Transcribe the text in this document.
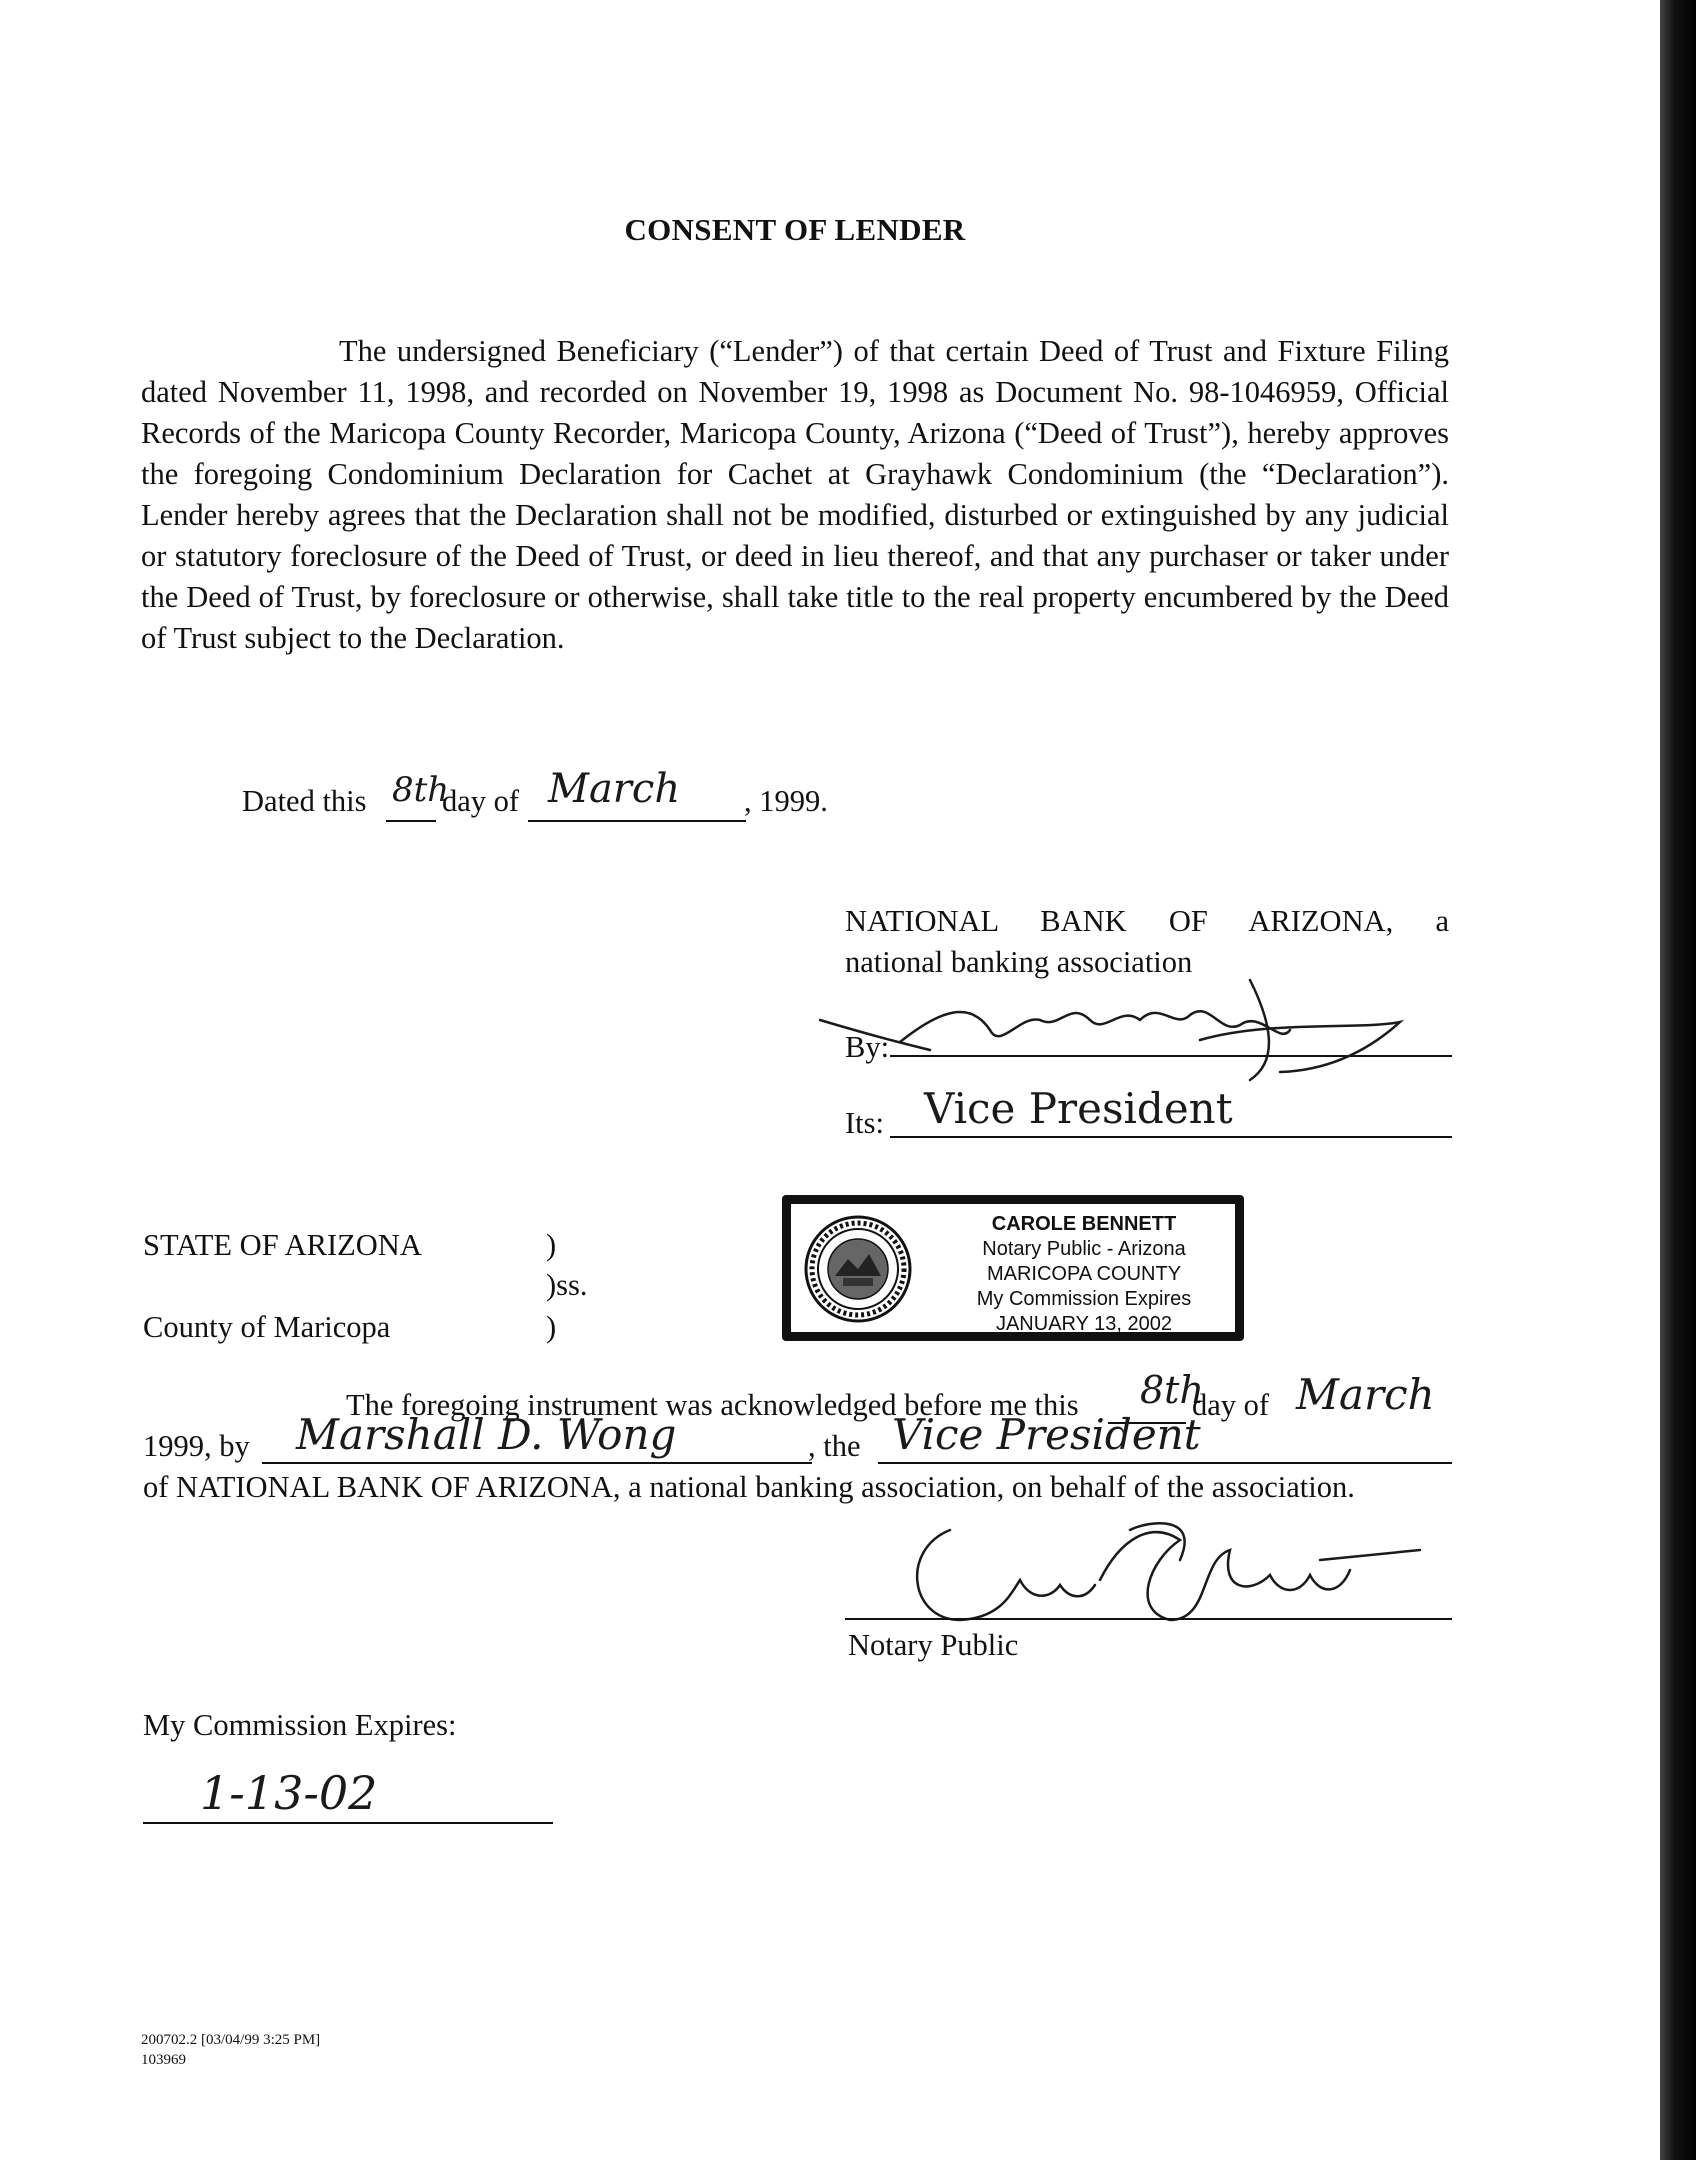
CONSENT OF LENDER
The undersigned Beneficiary (“Lender”) of that certain Deed of Trust and Fixture Filing dated November 11, 1998, and recorded on November 19, 1998 as Document No. 98-1046959, Official Records of the Maricopa County Recorder, Maricopa County, Arizona (“Deed of Trust”), hereby approves the foregoing Condominium Declaration for Cachet at Grayhawk Condominium (the “Declaration”). Lender hereby agrees that the Declaration shall not be modified, disturbed or extinguished by any judicial or statutory foreclosure of the Deed of Trust, or deed in lieu thereof, and that any purchaser or taker under the Deed of Trust, by foreclosure or otherwise, shall take title to the real property encumbered by the Deed of Trust subject to the Declaration.
Dated this 8th
day of March , 1999.
NATIONAL BANK OF ARIZONA, a
national banking association
By:
Its: Vice President
STATE OF ARIZONA	)
)ss.
County of Maricopa	)
CAROLE BENNETT
Notary Public - Arizona
MARICOPA COUNTY
My Commission Expires
JANUARY 13, 2002
The foregoing instrument was acknowledged before me this 8th
day of March
1999, by Marshall D. Wong	, the Vice President
of NATIONAL BANK OF ARIZONA, a national banking association, on behalf of the association.
Notary Public
My Commission Expires:
1-13-02
200702.2 [03/04/99 3:25 PM]
103969
